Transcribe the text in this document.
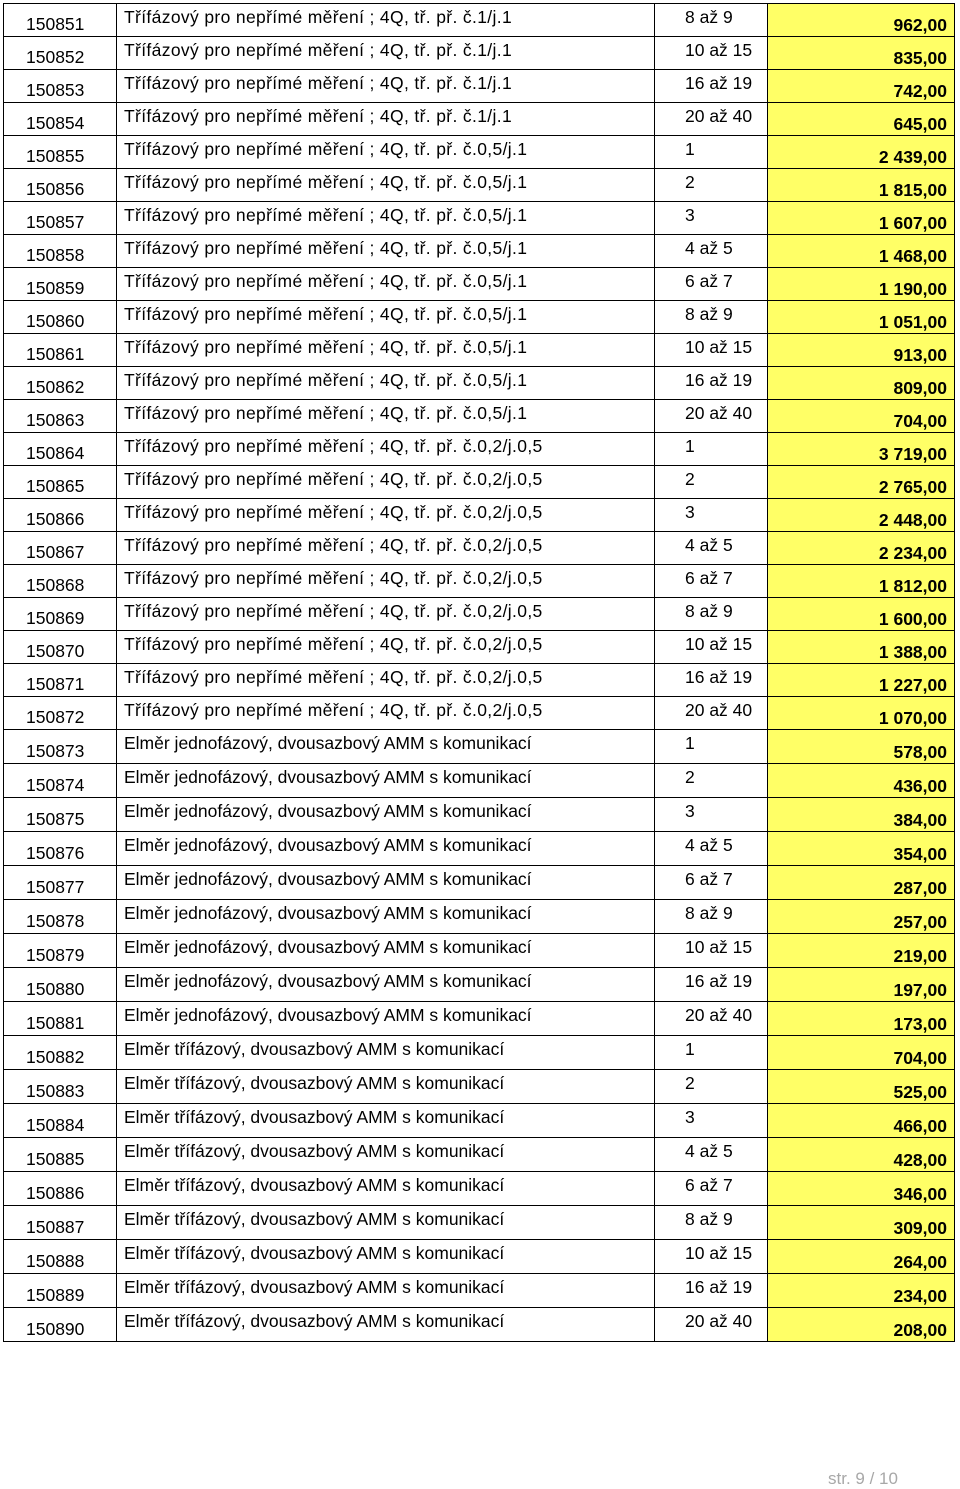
150851	Třífázový pro nepřímé měření ; 4Q, tř. př. č.1/j.1	8 až 9	962,00
150852	Třífázový pro nepřímé měření ; 4Q, tř. př. č.1/j.1	10 až 15	835,00
150853	Třífázový pro nepřímé měření ; 4Q, tř. př. č.1/j.1	16 až 19	742,00
150854	Třífázový pro nepřímé měření ; 4Q, tř. př. č.1/j.1	20 až 40	645,00
150855	Třífázový pro nepřímé měření ; 4Q, tř. př. č.0,5/j.1	1	2 439,00
150856	Třífázový pro nepřímé měření ; 4Q, tř. př. č.0,5/j.1	2	1 815,00
150857	Třífázový pro nepřímé měření ; 4Q, tř. př. č.0,5/j.1	3	1 607,00
150858	Třífázový pro nepřímé měření ; 4Q, tř. př. č.0,5/j.1	4 až 5	1 468,00
150859	Třífázový pro nepřímé měření ; 4Q, tř. př. č.0,5/j.1	6 až 7	1 190,00
150860	Třífázový pro nepřímé měření ; 4Q, tř. př. č.0,5/j.1	8 až 9	1 051,00
150861	Třífázový pro nepřímé měření ; 4Q, tř. př. č.0,5/j.1	10 až 15	913,00
150862	Třífázový pro nepřímé měření ; 4Q, tř. př. č.0,5/j.1	16 až 19	809,00
150863	Třífázový pro nepřímé měření ; 4Q, tř. př. č.0,5/j.1	20 až 40	704,00
150864	Třífázový pro nepřímé měření ; 4Q, tř. př. č.0,2/j.0,5	1	3 719,00
150865	Třífázový pro nepřímé měření ; 4Q, tř. př. č.0,2/j.0,5	2	2 765,00
150866	Třífázový pro nepřímé měření ; 4Q, tř. př. č.0,2/j.0,5	3	2 448,00
150867	Třífázový pro nepřímé měření ; 4Q, tř. př. č.0,2/j.0,5	4 až 5	2 234,00
150868	Třífázový pro nepřímé měření ; 4Q, tř. př. č.0,2/j.0,5	6 až 7	1 812,00
150869	Třífázový pro nepřímé měření ; 4Q, tř. př. č.0,2/j.0,5	8 až 9	1 600,00
150870	Třífázový pro nepřímé měření ; 4Q, tř. př. č.0,2/j.0,5	10 až 15	1 388,00
150871	Třífázový pro nepřímé měření ; 4Q, tř. př. č.0,2/j.0,5	16 až 19	1 227,00
150872	Třífázový pro nepřímé měření ; 4Q, tř. př. č.0,2/j.0,5	20 až 40	1 070,00
150873	Elměr jednofázový, dvousazbový AMM s komunikací	1	578,00
150874	Elměr jednofázový, dvousazbový AMM s komunikací	2	436,00
150875	Elměr jednofázový, dvousazbový AMM s komunikací	3	384,00
150876	Elměr jednofázový, dvousazbový AMM s komunikací	4 až 5	354,00
150877	Elměr jednofázový, dvousazbový AMM s komunikací	6 až 7	287,00
150878	Elměr jednofázový, dvousazbový AMM s komunikací	8 až 9	257,00
150879	Elměr jednofázový, dvousazbový AMM s komunikací	10 až 15	219,00
150880	Elměr jednofázový, dvousazbový AMM s komunikací	16 až 19	197,00
150881	Elměr jednofázový, dvousazbový AMM s komunikací	20 až 40	173,00
150882	Elměr třífázový, dvousazbový AMM s komunikací	1	704,00
150883	Elměr třífázový, dvousazbový AMM s komunikací	2	525,00
150884	Elměr třífázový, dvousazbový AMM s komunikací	3	466,00
150885	Elměr třífázový, dvousazbový AMM s komunikací	4 až 5	428,00
150886	Elměr třífázový, dvousazbový AMM s komunikací	6 až 7	346,00
150887	Elměr třífázový, dvousazbový AMM s komunikací	8 až 9	309,00
150888	Elměr třífázový, dvousazbový AMM s komunikací	10 až 15	264,00
150889	Elměr třífázový, dvousazbový AMM s komunikací	16 až 19	234,00
150890	Elměr třífázový, dvousazbový AMM s komunikací	20 až 40	208,00
str. 9 / 10
